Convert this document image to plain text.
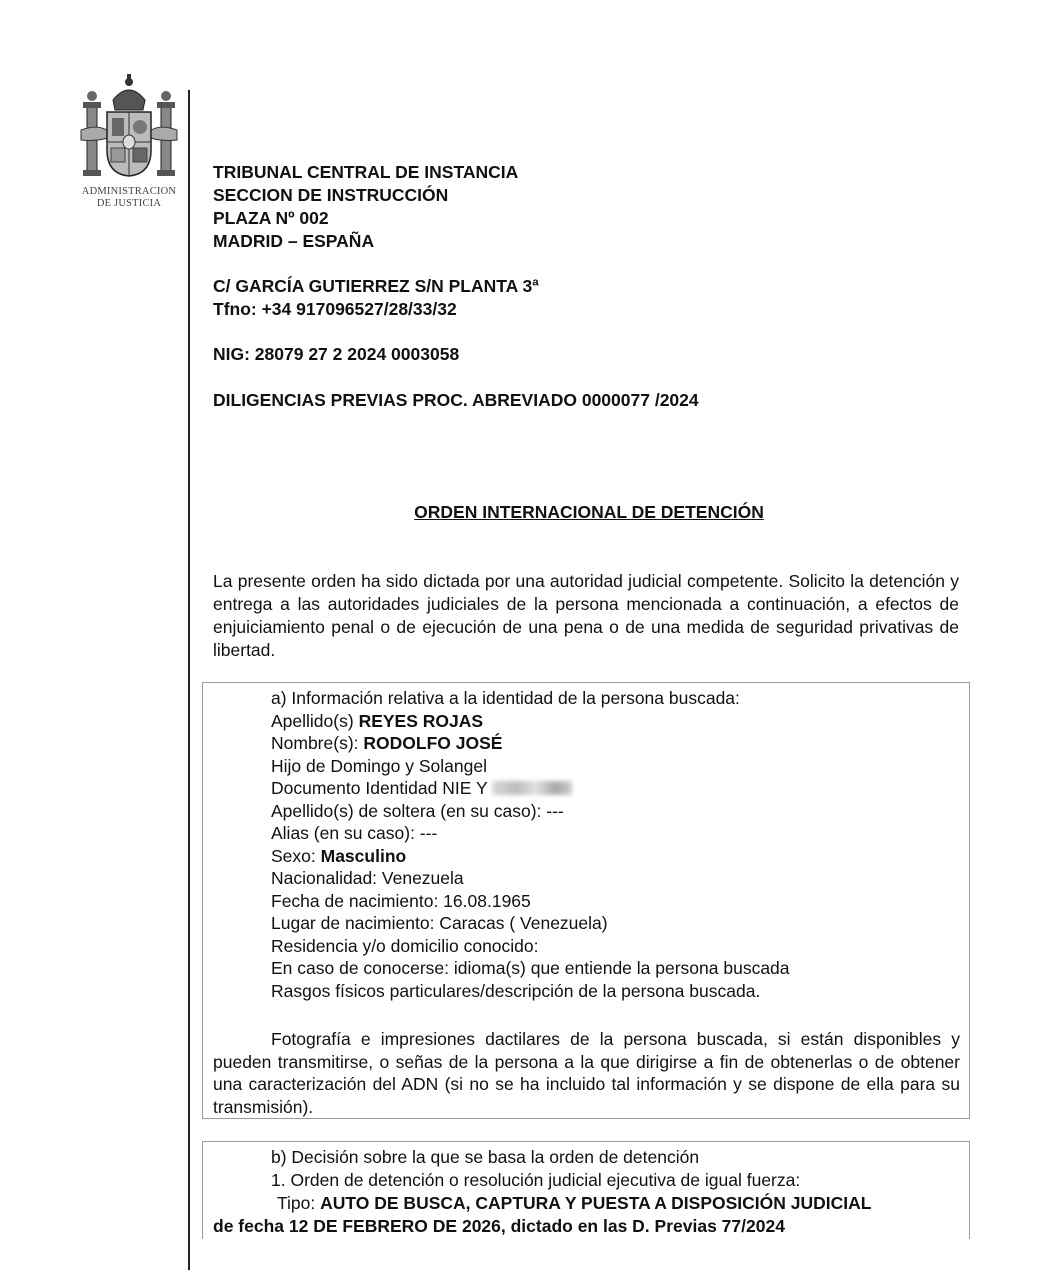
ADMINISTRACION
DE JUSTICIA

TRIBUNAL CENTRAL DE INSTANCIA

SECCION DE INSTRUCCIÓN

PLAZA Nº 002

MADRID – ESPAÑA

C/ GARCÍA GUTIERREZ S/N PLANTA 3ª

Tfno: +34 917096527/28/33/32

NIG: 28079 27 2 2024 0003058

DILIGENCIAS PREVIAS PROC. ABREVIADO 0000077 /2024

ORDEN INTERNACIONAL DE DETENCIÓN

La presente orden ha sido dictada por una autoridad judicial competente. Solicito la detención y entrega a las autoridades judiciales de la persona mencionada a continuación, a efectos de enjuiciamiento penal o de ejecución de una pena o de una medida de seguridad privativas de libertad.

a) Información relativa a la identidad de la persona buscada:
Apellido(s) REYES ROJAS
Nombre(s): RODOLFO JOSÉ
Hijo de Domingo y Solangel
Documento Identidad NIE Y
Apellido(s) de soltera (en su caso): ---
Alias (en su caso): ---
Sexo: Masculino
Nacionalidad: Venezuela
Fecha de nacimiento: 16.08.1965
Lugar de nacimiento: Caracas ( Venezuela)
Residencia y/o domicilio conocido:
En caso de conocerse: idioma(s) que entiende la persona buscada
Rasgos físicos particulares/descripción de la persona buscada.

Fotografía e impresiones dactilares de la persona buscada, si están disponibles y pueden transmitirse, o señas de la persona a la que dirigirse a fin de obtenerlas o de obtener una caracterización del ADN (si no se ha incluido tal información y se dispone de ella para su transmisión).

b) Decisión sobre la que se basa la orden de detención
1. Orden de detención o resolución judicial ejecutiva de igual fuerza:
Tipo: AUTO DE BUSCA, CAPTURA Y PUESTA A DISPOSICIÓN JUDICIAL
de fecha 12 DE FEBRERO DE 2026, dictado en las D. Previas 77/2024
